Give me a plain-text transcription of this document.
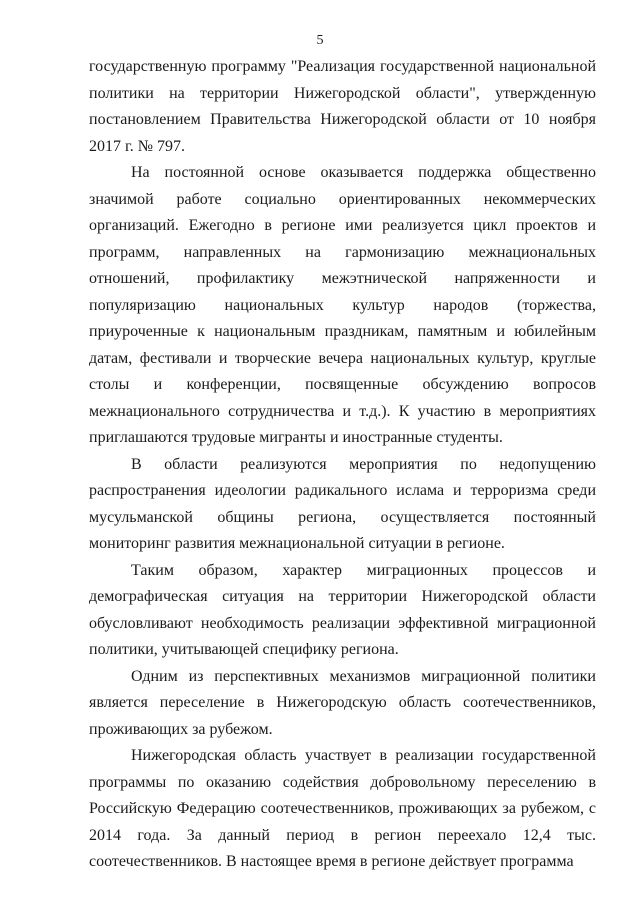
5

государственную программу "Реализация государственной национальной политики на территории Нижегородской области", утвержденную постановлением Правительства Нижегородской области от 10 ноября 2017 г. № 797.

На постоянной основе оказывается поддержка общественно значимой работе социально ориентированных некоммерческих организаций. Ежегодно в регионе ими реализуется цикл проектов и программ, направленных на гармонизацию межнациональных отношений, профилактику межэтнической напряженности и популяризацию национальных культур народов (торжества, приуроченные к национальным праздникам, памятным и юбилейным датам, фестивали и творческие вечера национальных культур, круглые столы и конференции, посвященные обсуждению вопросов межнационального сотрудничества и т.д.). К участию в мероприятиях приглашаются трудовые мигранты и иностранные студенты.

В области реализуются мероприятия по недопущению распространения идеологии радикального ислама и терроризма среди мусульманской общины региона, осуществляется постоянный мониторинг развития межнациональной ситуации в регионе.

Таким образом, характер миграционных процессов и демографическая ситуация на территории Нижегородской области обусловливают необходимость реализации эффективной миграционной политики, учитывающей специфику региона.

Одним из перспективных механизмов миграционной политики является переселение в Нижегородскую область соотечественников, проживающих за рубежом.

Нижегородская область участвует в реализации государственной программы по оказанию содействия добровольному переселению в Российскую Федерацию соотечественников, проживающих за рубежом, с 2014 года. За данный период в регион переехало 12,4 тыс. соотечественников. В настоящее время в регионе действует программа
